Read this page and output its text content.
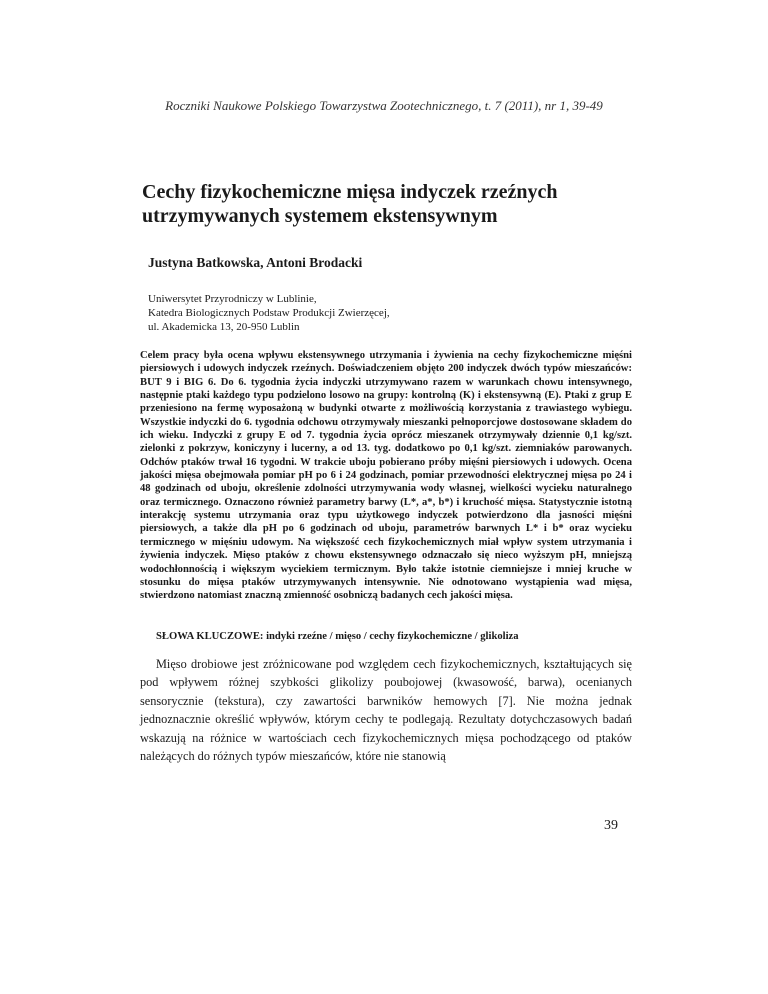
Roczniki Naukowe Polskiego Towarzystwa Zootechnicznego, t. 7 (2011), nr 1, 39-49
Cechy fizykochemiczne mięsa indyczek rzeźnych utrzymywanych systemem ekstensywnym
Justyna Batkowska, Antoni Brodacki
Uniwersytet Przyrodniczy w Lublinie,
Katedra Biologicznych Podstaw Produkcji Zwierzęcej,
ul. Akademicka 13, 20-950 Lublin

Celem pracy była ocena wpływu ekstensywnego utrzymania i żywienia na cechy fizykochemiczne mięśni piersiowych i udowych indyczek rzeźnych. Doświadczeniem objęto 200 indyczek dwóch typów mieszańców: BUT 9 i BIG 6. Do 6. tygodnia życia indyczki utrzymywano razem w warunkach chowu intensywnego, następnie ptaki każdego typu podzielono losowo na grupy: kontrolną (K) i ekstensywną (E). Ptaki z grup E przeniesiono na fermę wyposażoną w budynki otwarte z możliwością korzystania z trawiastego wybiegu. Wszystkie indyczki do 6. tygodnia odchowu otrzymywały mieszanki pełnoporcjowe dostosowane składem do ich wieku. Indyczki z grupy E od 7. tygodnia życia oprócz mieszanek otrzymywały dziennie 0,1 kg/szt. zielonki z pokrzyw, koniczyny i lucerny, a od 13. tyg. dodatkowo po 0,1 kg/szt. ziemniaków parowanych. Odchów ptaków trwał 16 tygodni. W trakcie uboju pobierano próby mięśni piersiowych i udowych. Ocena jakości mięsa obejmowała pomiar pH po 6 i 24 godzinach, pomiar przewodności elektrycznej mięsa po 24 i 48 godzinach od uboju, określenie zdolności utrzymywania wody własnej, wielkości wycieku naturalnego oraz termicznego. Oznaczono również parametry barwy (L*, a*, b*) i kruchość mięsa. Statystycznie istotną interakcję systemu utrzymania oraz typu użytkowego indyczek potwierdzono dla jasności mięśni piersiowych, a także dla pH po 6 godzinach od uboju, parametrów barwnych L* i b* oraz wycieku termicznego w mięśniu udowym. Na większość cech fizykochemicznych miał wpływ system utrzymania i żywienia indyczek. Mięso ptaków z chowu ekstensywnego odznaczało się nieco wyższym pH, mniejszą wodochłonnością i większym wyciekiem termicznym. Było także istotnie ciemniejsze i mniej kruche w stosunku do mięsa ptaków utrzymywanych intensywnie. Nie odnotowano wystąpienia wad mięsa, stwierdzono natomiast znaczną zmienność osobniczą badanych cech jakości mięsa.

SŁOWA KLUCZOWE: indyki rzeźne / mięso / cechy fizykochemiczne / glikoliza

Mięso drobiowe jest zróżnicowane pod względem cech fizykochemicznych, kształtujących się pod wpływem różnej szybkości glikolizy poubojowej (kwasowość, barwa), ocenianych sensorycznie (tekstura), czy zawartości barwników hemowych [7]. Nie można jednak jednoznacznie określić wpływów, którym cechy te podlegają. Rezultaty dotychczasowych badań wskazują na różnice w wartościach cech fizykochemicznych mięsa pochodzącego od ptaków należących do różnych typów mieszańców, które nie stanowią

39
